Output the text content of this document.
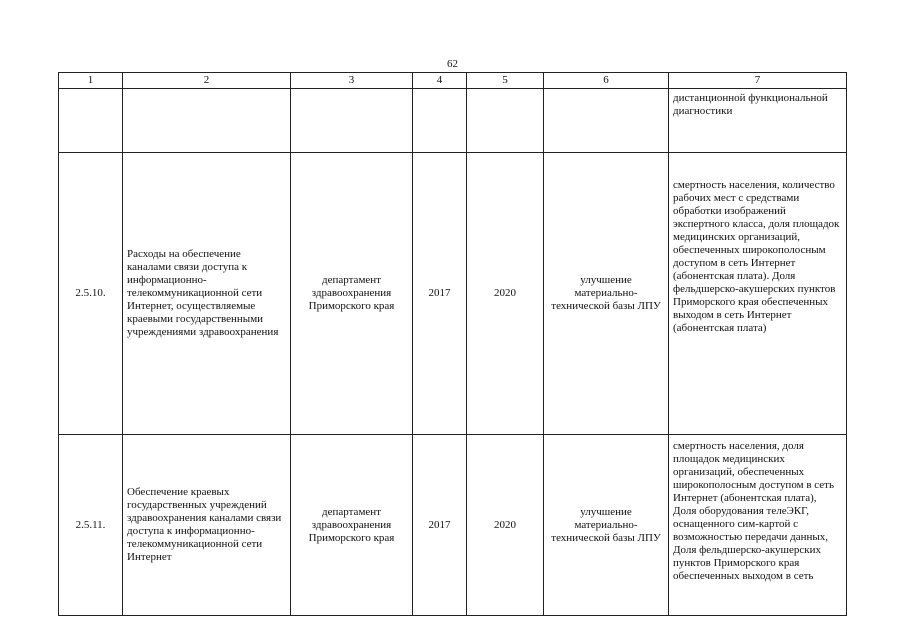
62
1	2	3	4	5	6	7
						дистанционной функциональной диагностики
2.5.10.	Расходы на обеспечение каналами связи доступа к информационно-телекоммуникационной сети Интернет, осуществляемые краевыми государственными учреждениями здравоохранения	департамент здравоохранения Приморского края	2017	2020	улучшение материально-технической базы ЛПУ	смертность населения, количество рабочих мест с средствами обработки изображений экспертного класса, доля площадок медицинских организаций, обеспеченных широкополосным доступом в сеть Интернет (абонентская плата). Доля фельдшерско-акушерских пунктов Приморского края обеспеченных выходом в сеть Интернет (абонентская плата)
2.5.11.	Обеспечение краевых государственных учреждений здравоохранения каналами связи доступа к информационно-телекоммуникационной сети Интернет	департамент здравоохранения Приморского края	2017	2020	улучшение материально-технической базы ЛПУ	смертность населения, доля площадок медицинских организаций, обеспеченных широкополосным доступом в сеть Интернет (абонентская плата), Доля оборудования телеЭКГ, оснащенного сим-картой с возможностью передачи данных, Доля фельдшерско-акушерских пунктов Приморского края обеспеченных выходом в сеть
